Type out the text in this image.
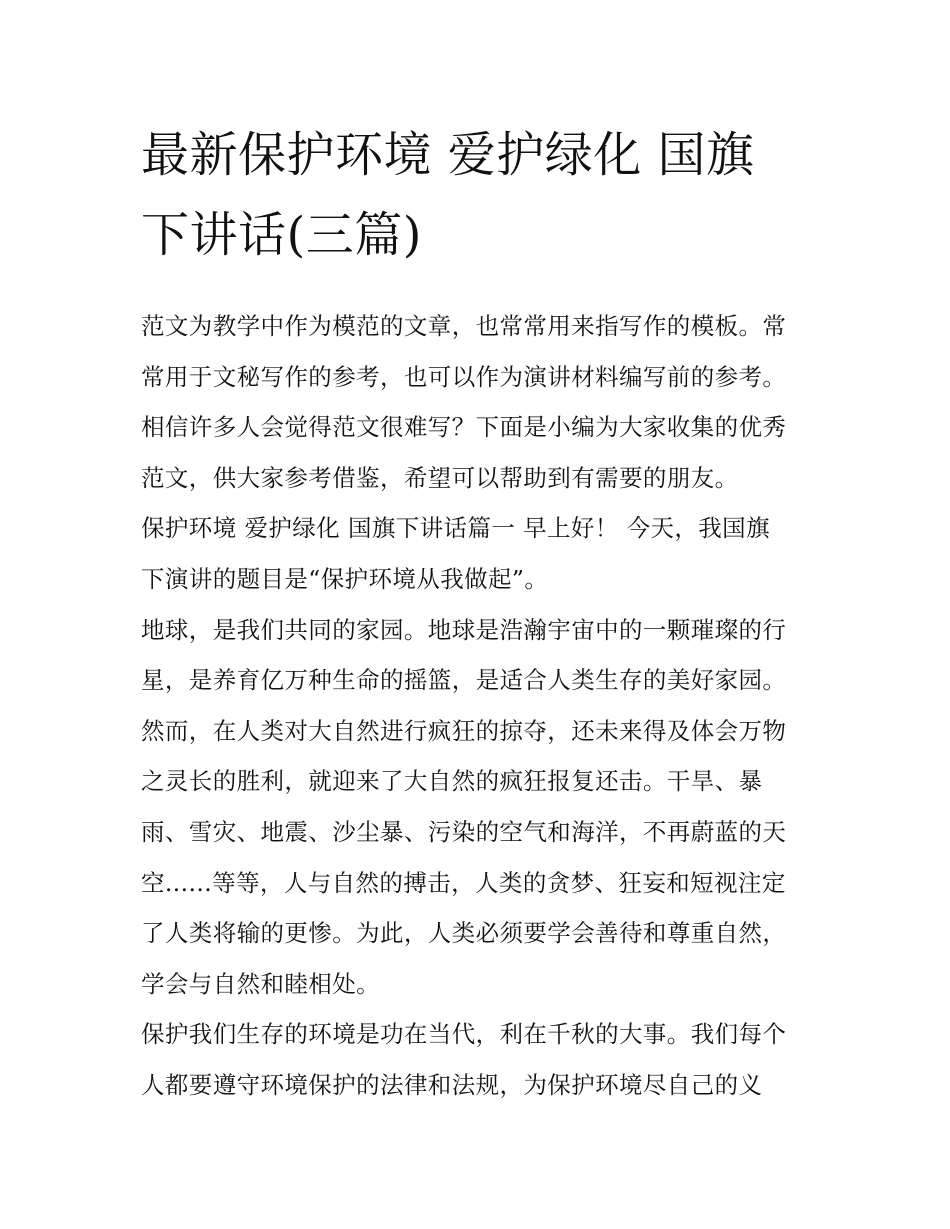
最新保护环境 爱护绿化 国旗
下讲话(三篇)
范文为教学中作为模范的文章，也常常用来指写作的模板。常
常用于文秘写作的参考，也可以作为演讲材料编写前的参考。
相信许多人会觉得范文很难写？下面是小编为大家收集的优秀
范文，供大家参考借鉴，希望可以帮助到有需要的朋友。
保护环境 爱护绿化 国旗下讲话篇一 早上好！ 今天，我国旗
下演讲的题目是“保护环境从我做起”。
地球，是我们共同的家园。地球是浩瀚宇宙中的一颗璀璨的行
星，是养育亿万种生命的摇篮，是适合人类生存的美好家园。
然而，在人类对大自然进行疯狂的掠夺，还未来得及体会万物
之灵长的胜利，就迎来了大自然的疯狂报复还击。干旱、暴
雨、雪灾、地震、沙尘暴、污染的空气和海洋，不再蔚蓝的天
空......等等，人与自然的搏击，人类的贪梦、狂妄和短视注定
了人类将输的更惨。为此，人类必须要学会善待和尊重自然，
学会与自然和睦相处。
保护我们生存的环境是功在当代，利在千秋的大事。我们每个
人都要遵守环境保护的法律和法规，为保护环境尽自己的义
